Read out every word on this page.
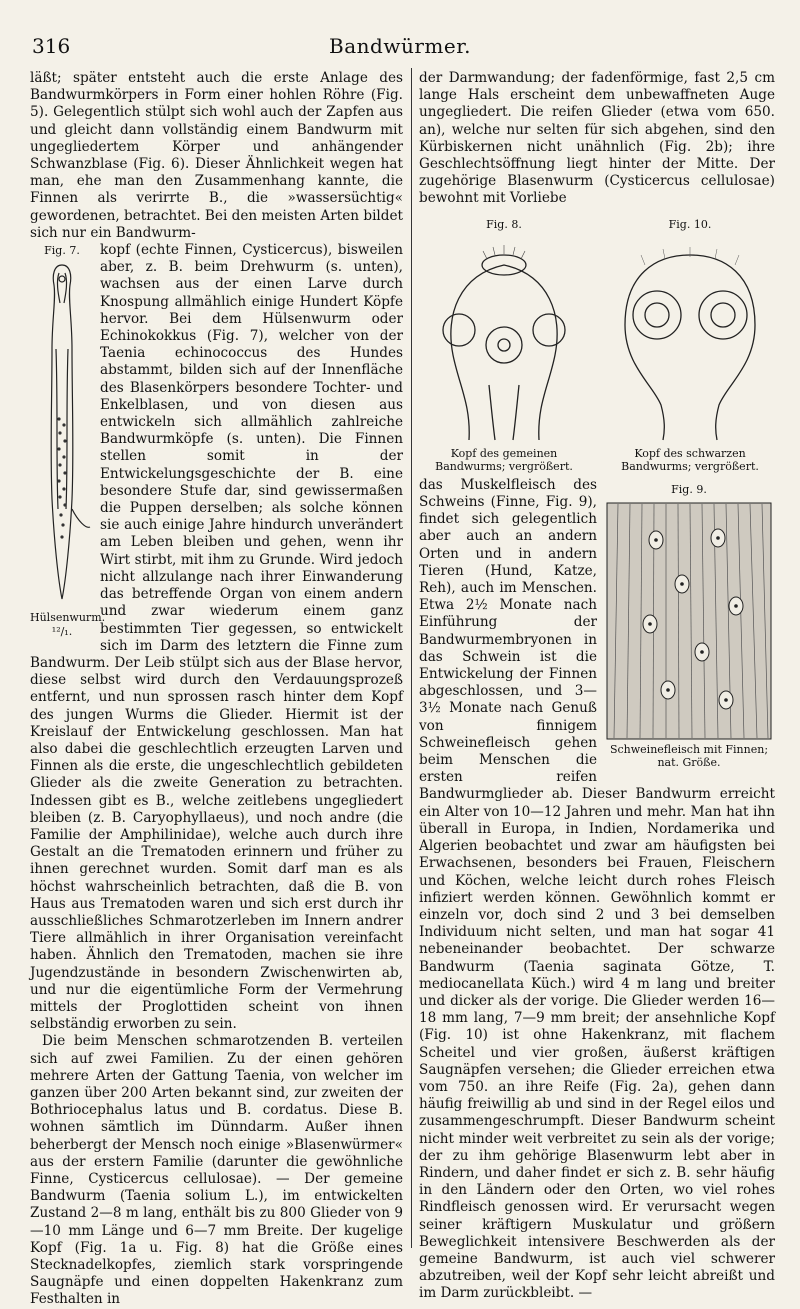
316	Bandwürmer.

läßt; später entsteht auch die erste Anlage des Bandwurmkörpers in Form einer hohlen Röhre (Fig. 5). Gelegentlich stülpt sich wohl auch der Zapfen aus und gleicht dann vollständig einem Bandwurm mit ungegliedertem Körper und anhängender Schwanzblase (Fig. 6). Dieser Ähnlichkeit wegen hat man, ehe man den Zusammenhang kannte, die Finnen als verirrte B., die »wassersüchtig« gewordenen, betrachtet. Bei den meisten Arten bildet sich nur ein Bandwurm-

Fig. 7.
Hülsenwurm. ¹²/₁.

kopf (echte Finnen, Cysticercus), bisweilen aber, z. B. beim Drehwurm (s. unten), wachsen aus der einen Larve durch Knospung allmählich einige Hundert Köpfe hervor. Bei dem Hülsenwurm oder Echinokokkus (Fig. 7), welcher von der Taenia echinococcus des Hundes abstammt, bilden sich auf der Innenfläche des Blasenkörpers besondere Tochter- und Enkelblasen, und von diesen aus entwickeln sich allmählich zahlreiche Bandwurmköpfe (s. unten). Die Finnen stellen somit in der Entwickelungsgeschichte der B. eine besondere Stufe dar, sind gewissermaßen die Puppen derselben; als solche können sie auch einige Jahre hindurch unverändert am Leben bleiben und gehen, wenn ihr Wirt stirbt, mit ihm zu Grunde. Wird jedoch nicht allzulange nach ihrer Einwanderung das betreffende Organ von einem andern und zwar wiederum einem ganz bestimmten Tier gegessen, so entwickelt sich im Darm des letztern die Finne zum Bandwurm. Der Leib stülpt sich aus der Blase hervor, diese selbst wird durch den Verdauungsprozeß entfernt, und nun sprossen rasch hinter dem Kopf des jungen Wurms die Glieder. Hiermit ist der Kreislauf der Entwickelung geschlossen. Man hat also dabei die geschlechtlich erzeugten Larven und Finnen als die erste, die ungeschlechtlich gebildeten Glieder als die zweite Generation zu betrachten. Indessen gibt es B., welche zeitlebens ungegliedert bleiben (z. B. Caryophyllaeus), und noch andre (die Familie der Amphilinidae), welche auch durch ihre Gestalt an die Trematoden erinnern und früher zu ihnen gerechnet wurden. Somit darf man es als höchst wahrscheinlich betrachten, daß die B. von Haus aus Trematoden waren und sich erst durch ihr ausschließliches Schmarotzerleben im Innern andrer Tiere allmählich in ihrer Organisation vereinfacht haben. Ähnlich den Trematoden, machen sie ihre Jugendzustände in besondern Zwischenwirten ab, und nur die eigentümliche Form der Vermehrung mittels der Proglottiden scheint von ihnen selbständig erworben zu sein.

Die beim Menschen schmarotzenden B. verteilen sich auf zwei Familien. Zu der einen gehören mehrere Arten der Gattung Taenia, von welcher im ganzen über 200 Arten bekannt sind, zur zweiten der Bothriocephalus latus und B. cordatus. Diese B. wohnen sämtlich im Dünndarm. Außer ihnen beherbergt der Mensch noch einige »Blasenwürmer« aus der erstern Familie (darunter die gewöhnliche Finne, Cysticercus cellulosae). — Der gemeine Bandwurm (Taenia solium L.), im entwickelten Zustand 2—8 m lang, enthält bis zu 800 Glieder von 9—10 mm Länge und 6—7 mm Breite. Der kugelige Kopf (Fig. 1a u. Fig. 8) hat die Größe eines Stecknadelkopfes, ziemlich stark vorspringende Saugnäpfe und einen doppelten Hakenkranz zum Festhalten in

der Darmwandung; der fadenförmige, fast 2,5 cm lange Hals erscheint dem unbewaffneten Auge ungegliedert. Die reifen Glieder (etwa vom 650. an), welche nur selten für sich abgehen, sind den Kürbiskernen nicht unähnlich (Fig. 2b); ihre Geschlechtsöffnung liegt hinter der Mitte. Der zugehörige Blasenwurm (Cysticercus cellulosae) bewohnt mit Vorliebe

Fig. 8.
Kopf des gemeinen Bandwurms; vergrößert.
Fig. 10.
Kopf des schwarzen Bandwurms; vergrößert.
Fig. 9.
Schweinefleisch mit Finnen; nat. Größe.

das Muskelfleisch des Schweins (Finne, Fig. 9), findet sich gelegentlich aber auch an andern Orten und in andern Tieren (Hund, Katze, Reh), auch im Menschen. Etwa 2½ Monate nach Einführung der Bandwurmembryonen in das Schwein ist die Entwickelung der Finnen abgeschlossen, und 3—3½ Monate nach Genuß von finnigem Schweinefleisch gehen beim Menschen die ersten reifen Bandwurmglieder ab. Dieser Bandwurm erreicht ein Alter von 10—12 Jahren und mehr. Man hat ihn überall in Europa, in Indien, Nordamerika und Algerien beobachtet und zwar am häufigsten bei Erwachsenen, besonders bei Frauen, Fleischern und Köchen, welche leicht durch rohes Fleisch infiziert werden können. Gewöhnlich kommt er einzeln vor, doch sind 2 und 3 bei demselben Individuum nicht selten, und man hat sogar 41 nebeneinander beobachtet. Der schwarze Bandwurm (Taenia saginata Götze, T. mediocanellata Küch.) wird 4 m lang und breiter und dicker als der vorige. Die Glieder werden 16—18 mm lang, 7—9 mm breit; der ansehnliche Kopf (Fig. 10) ist ohne Hakenkranz, mit flachem Scheitel und vier großen, äußerst kräftigen Saugnäpfen versehen; die Glieder erreichen etwa vom 750. an ihre Reife (Fig. 2a), gehen dann häufig freiwillig ab und sind in der Regel eilos und zusammengeschrumpft. Dieser Bandwurm scheint nicht minder weit verbreitet zu sein als der vorige; der zu ihm gehörige Blasenwurm lebt aber in Rindern, und daher findet er sich z. B. sehr häufig in den Ländern oder den Orten, wo viel rohes Rindfleisch genossen wird. Er verursacht wegen seiner kräftigern Muskulatur und größern Beweglichkeit intensivere Beschwerden als der gemeine Bandwurm, ist auch viel schwerer abzutreiben, weil der Kopf sehr leicht abreißt und im Darm zurückbleibt. —
